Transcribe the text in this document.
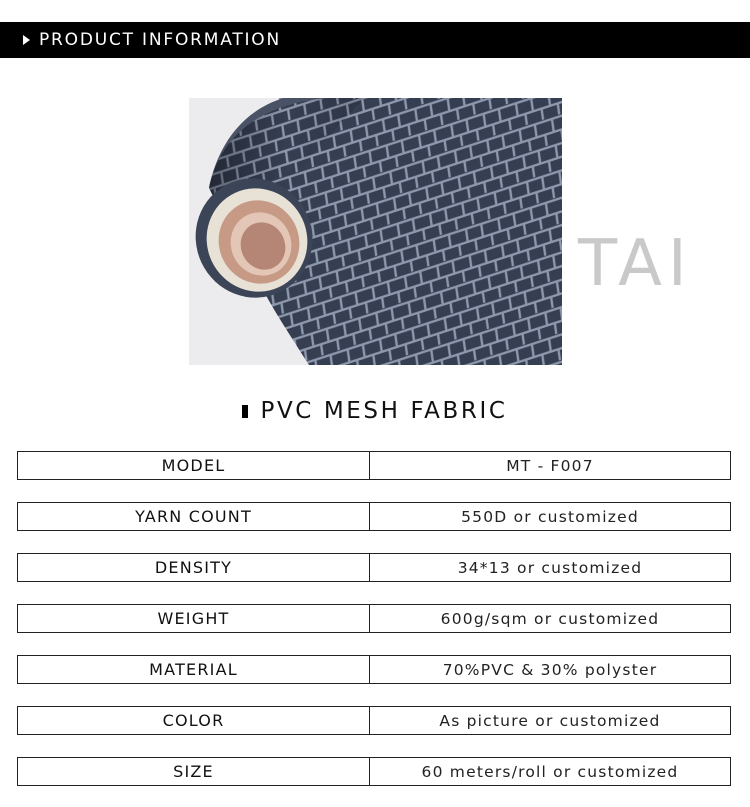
PRODUCT INFORMATION
TAI
PVC MESH FABRIC
MODEL	MT - F007
YARN COUNT	550D or customized
DENSITY	34*13 or customized
WEIGHT	600g/sqm or customized
MATERIAL	70%PVC & 30% polyster
COLOR	As picture or customized
SIZE	60 meters/roll or customized
